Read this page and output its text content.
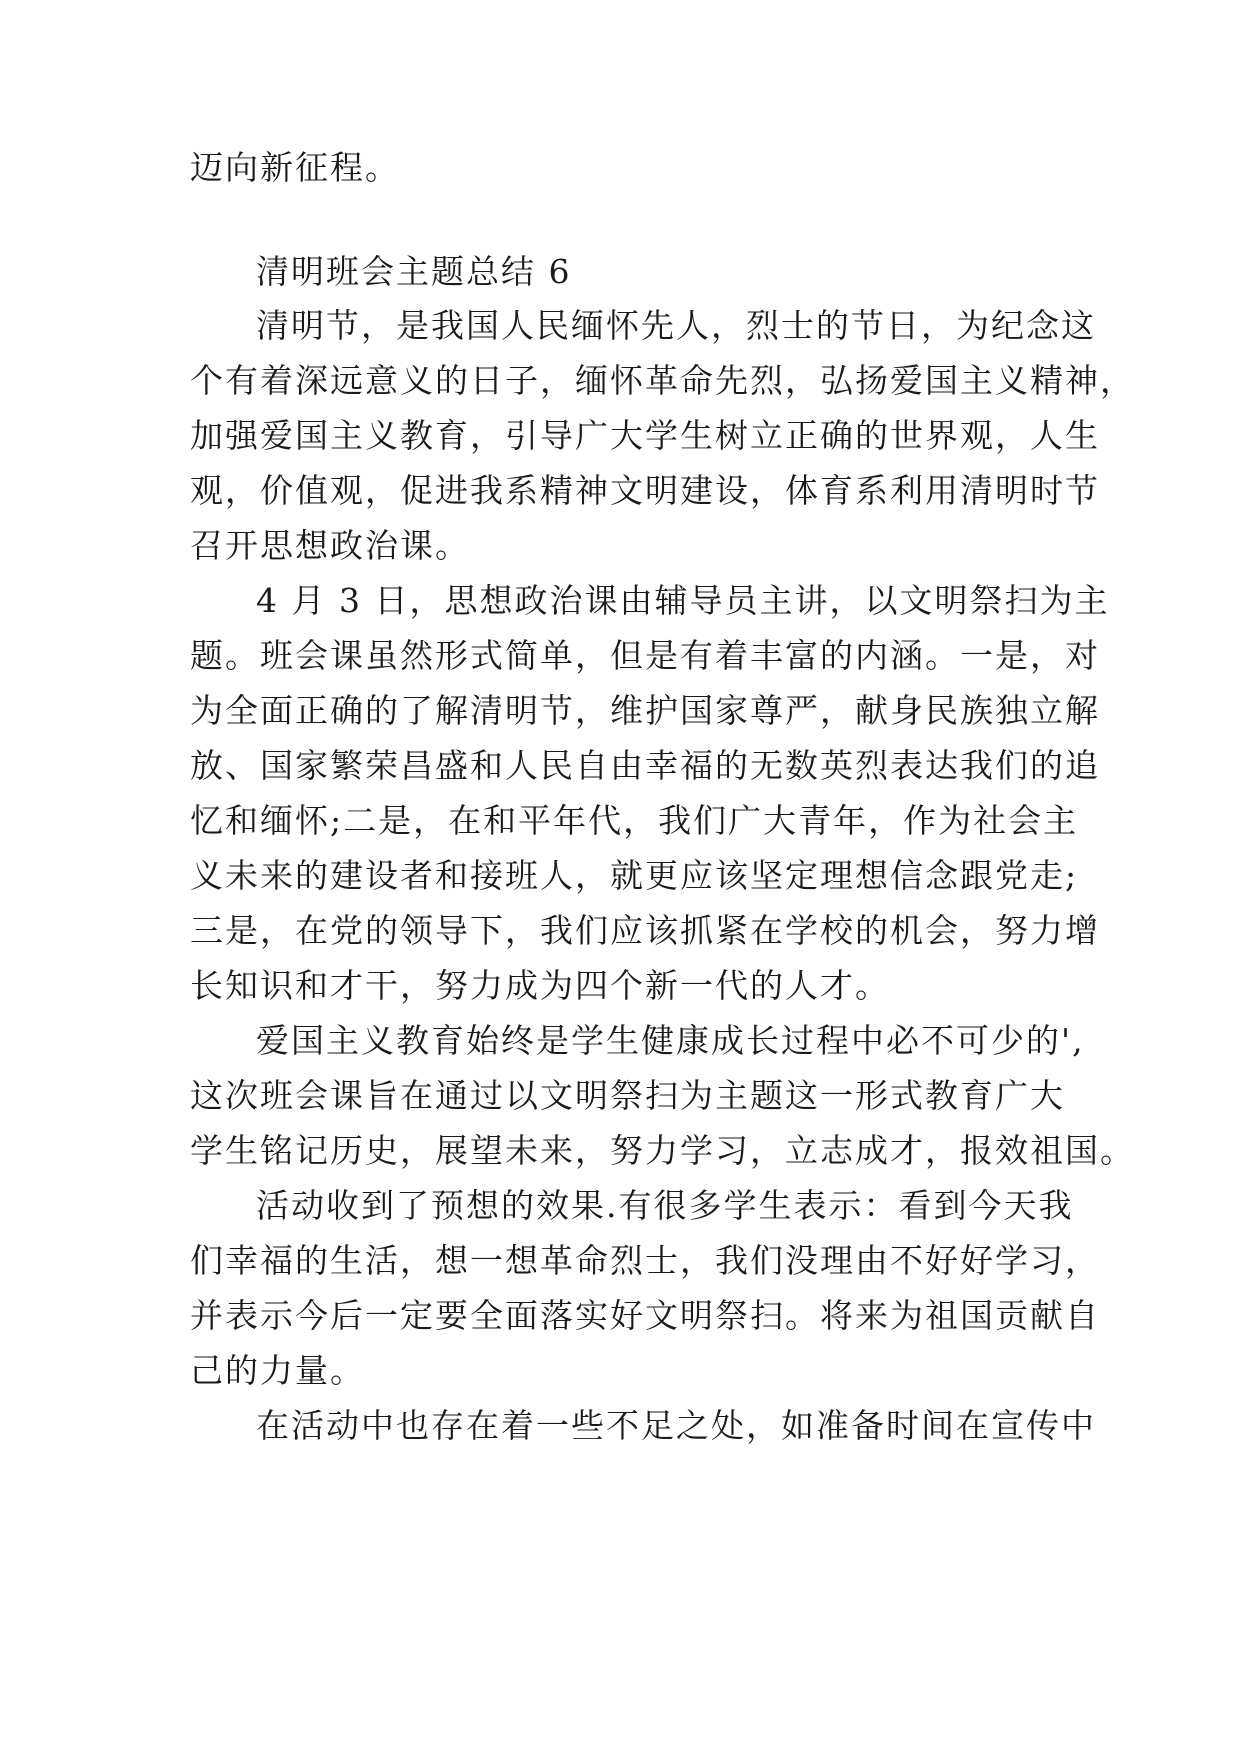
迈向新征程。
清明班会主题总结 6
清明节，是我国人民缅怀先人，烈士的节日，为纪念这
个有着深远意义的日子，缅怀革命先烈，弘扬爱国主义精神，
加强爱国主义教育，引导广大学生树立正确的世界观，人生
观，价值观，促进我系精神文明建设，体育系利用清明时节
召开思想政治课。
4 月 3 日，思想政治课由辅导员主讲，以文明祭扫为主
题。班会课虽然形式简单，但是有着丰富的内涵。一是，对
为全面正确的了解清明节，维护国家尊严，献身民族独立解
放、国家繁荣昌盛和人民自由幸福的无数英烈表达我们的追
忆和缅怀;二是，在和平年代，我们广大青年，作为社会主
义未来的建设者和接班人，就更应该坚定理想信念跟党走;
三是，在党的领导下，我们应该抓紧在学校的机会，努力增
长知识和才干，努力成为四个新一代的人才。
爱国主义教育始终是学生健康成长过程中必不可少的',
这次班会课旨在通过以文明祭扫为主题这一形式教育广大
学生铭记历史，展望未来，努力学习，立志成才，报效祖国。
活动收到了预想的效果.有很多学生表示：看到今天我
们幸福的生活，想一想革命烈士，我们没理由不好好学习，
并表示今后一定要全面落实好文明祭扫。将来为祖国贡献自
己的力量。
在活动中也存在着一些不足之处，如准备时间在宣传中
